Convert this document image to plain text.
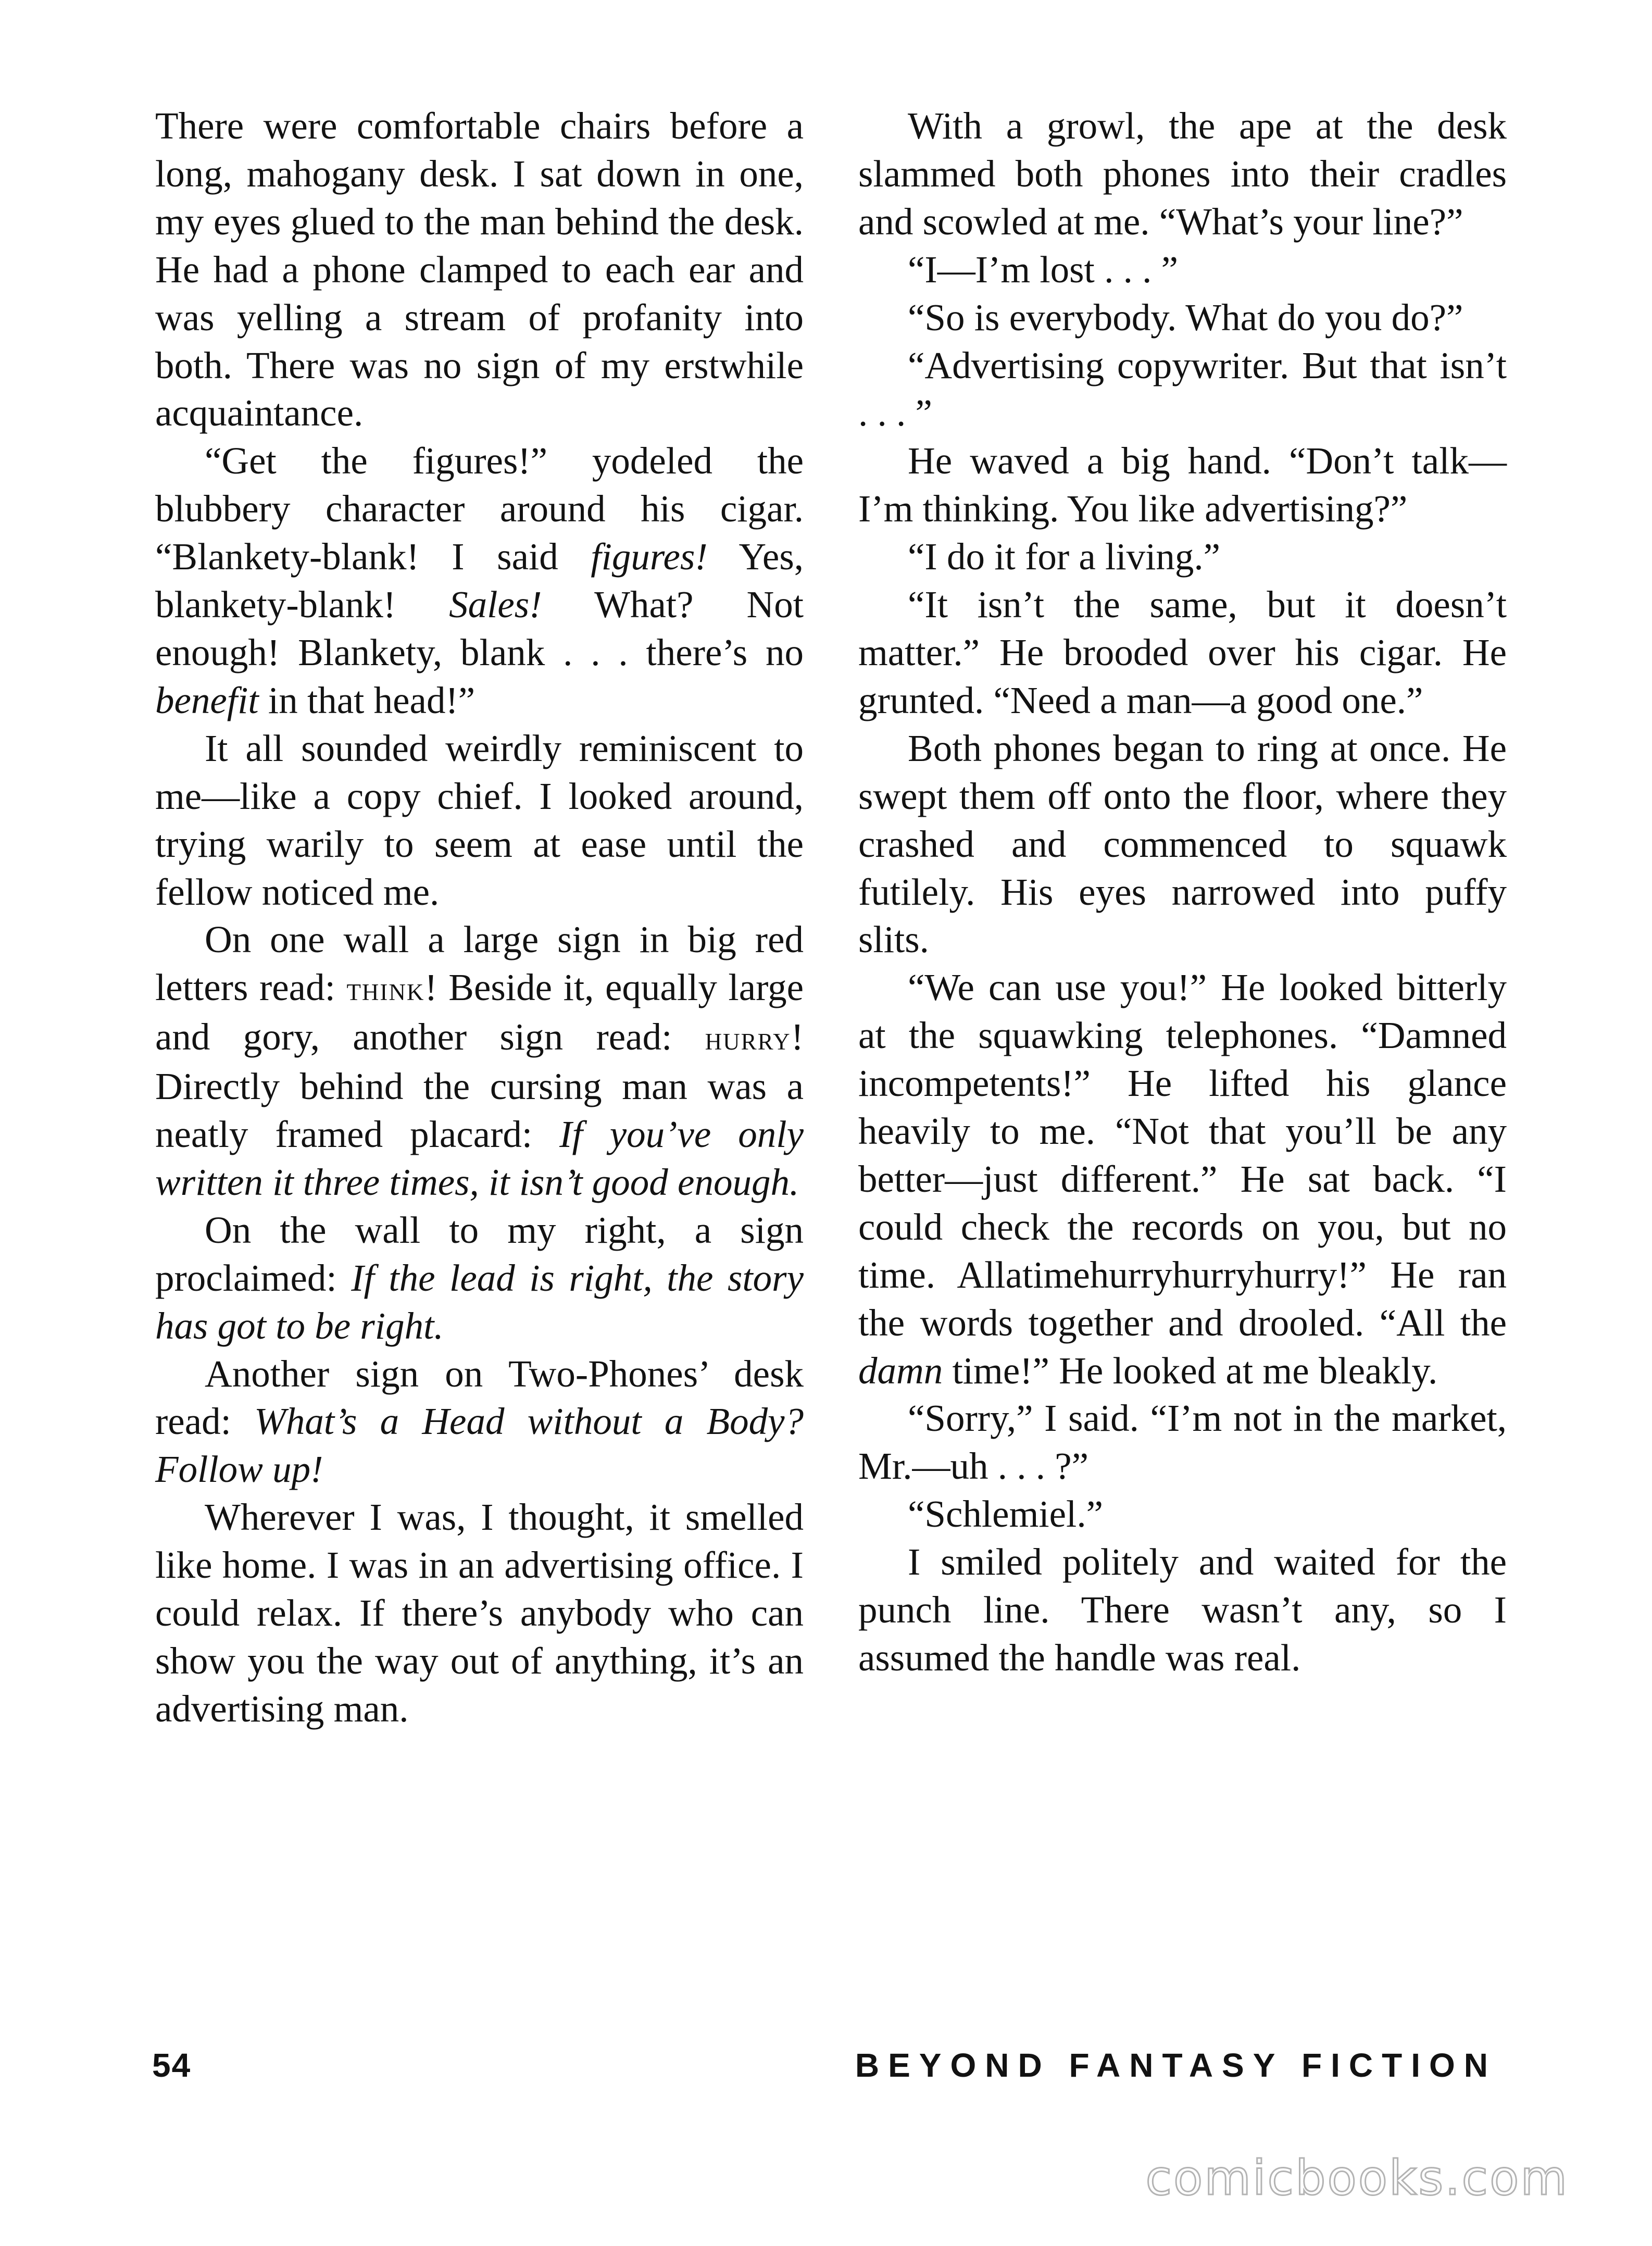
There were comfortable chairs before a long, mahogany desk. I sat down in one, my eyes glued to the man behind the desk. He had a phone clamped to each ear and was yelling a stream of profanity into both. There was no sign of my erstwhile acquaintance.

“Get the figures!” yodeled the blubbery character around his cigar. “Blankety-blank! I said figures! Yes, blankety-blank! Sales! What? Not enough! Blankety, blank . . . there’s no benefit in that head!”

It all sounded weirdly reminiscent to me—like a copy chief. I looked around, trying warily to seem at ease until the fellow noticed me.

On one wall a large sign in big red letters read: think! Beside it, equally large and gory, another sign read: hurry! Directly behind the cursing man was a neatly framed placard: If you’ve only written it three times, it isn’t good enough.

On the wall to my right, a sign proclaimed: If the lead is right, the story has got to be right.

Another sign on Two-Phones’ desk read: What’s a Head without a Body? Follow up!

Wherever I was, I thought, it smelled like home. I was in an advertising office. I could relax. If there’s anybody who can show you the way out of anything, it’s an advertising man.

With a growl, the ape at the desk slammed both phones into their cradles and scowled at me. “What’s your line?”

“I—I’m lost . . . ”

“So is everybody. What do you do?”

“Advertising copywriter. But that isn’t . . . ”

He waved a big hand. “Don’t talk—I’m thinking. You like advertising?”

“I do it for a living.”

“It isn’t the same, but it doesn’t matter.” He brooded over his cigar. He grunted. “Need a man—a good one.”

Both phones began to ring at once. He swept them off onto the floor, where they crashed and commenced to squawk futilely. His eyes narrowed into puffy slits.

“We can use you!” He looked bitterly at the squawking telephones. “Damned incompetents!” He lifted his glance heavily to me. “Not that you’ll be any better—just different.” He sat back. “I could check the records on you, but no time. Allatimehurryhurryhurry!” He ran the words together and drooled. “All the damn time!” He looked at me bleakly.

“Sorry,” I said. “I’m not in the market, Mr.—uh . . . ?”

“Schlemiel.”

I smiled politely and waited for the punch line. There wasn’t any, so I assumed the handle was real.

54	BEYOND FANTASY FICTION
comicbooks.com
